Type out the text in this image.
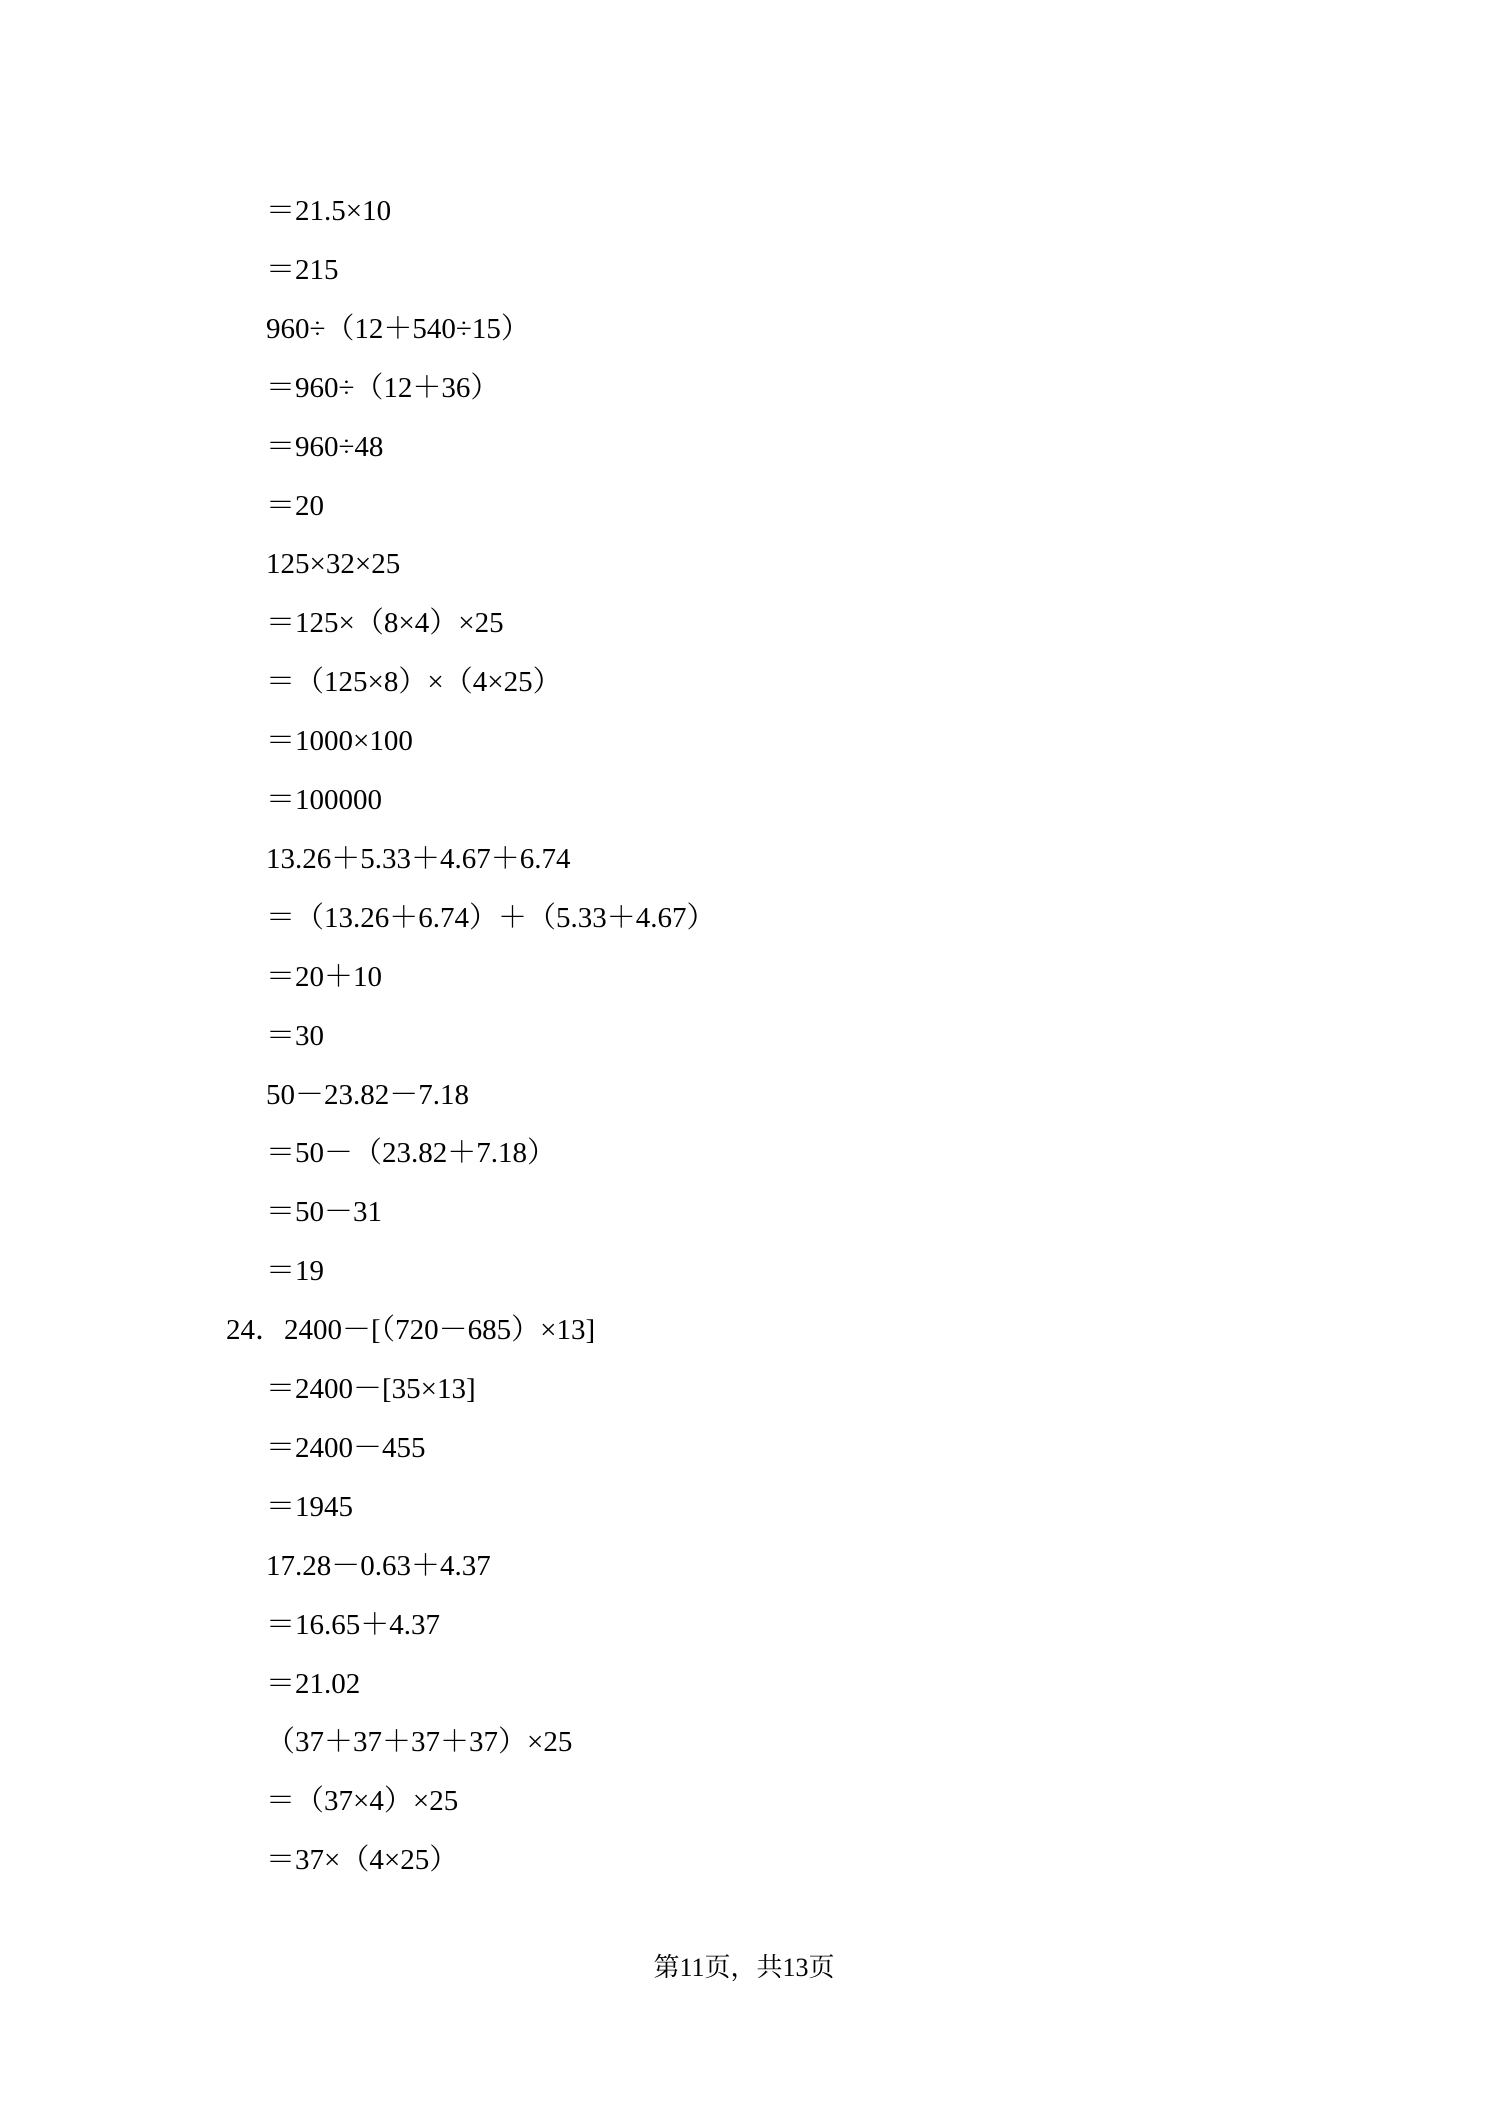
＝21.5×10
＝215
960÷（12＋540÷15）
＝960÷（12＋36）
＝960÷48
＝20
125×32×25
＝125×（8×4）×25
＝（125×8）×（4×25）
＝1000×100
＝100000
13.26＋5.33＋4.67＋6.74
＝（13.26＋6.74）＋（5.33＋4.67）
＝20＋10
＝30
50－23.82－7.18
＝50－（23.82＋7.18）
＝50－31
＝19
24．2400－[（720－685）×13]
＝2400－[35×13]
＝2400－455
＝1945
17.28－0.63＋4.37
＝16.65＋4.37
＝21.02
（37＋37＋37＋37）×25
＝（37×4）×25
＝37×（4×25）
第11页，共13页
